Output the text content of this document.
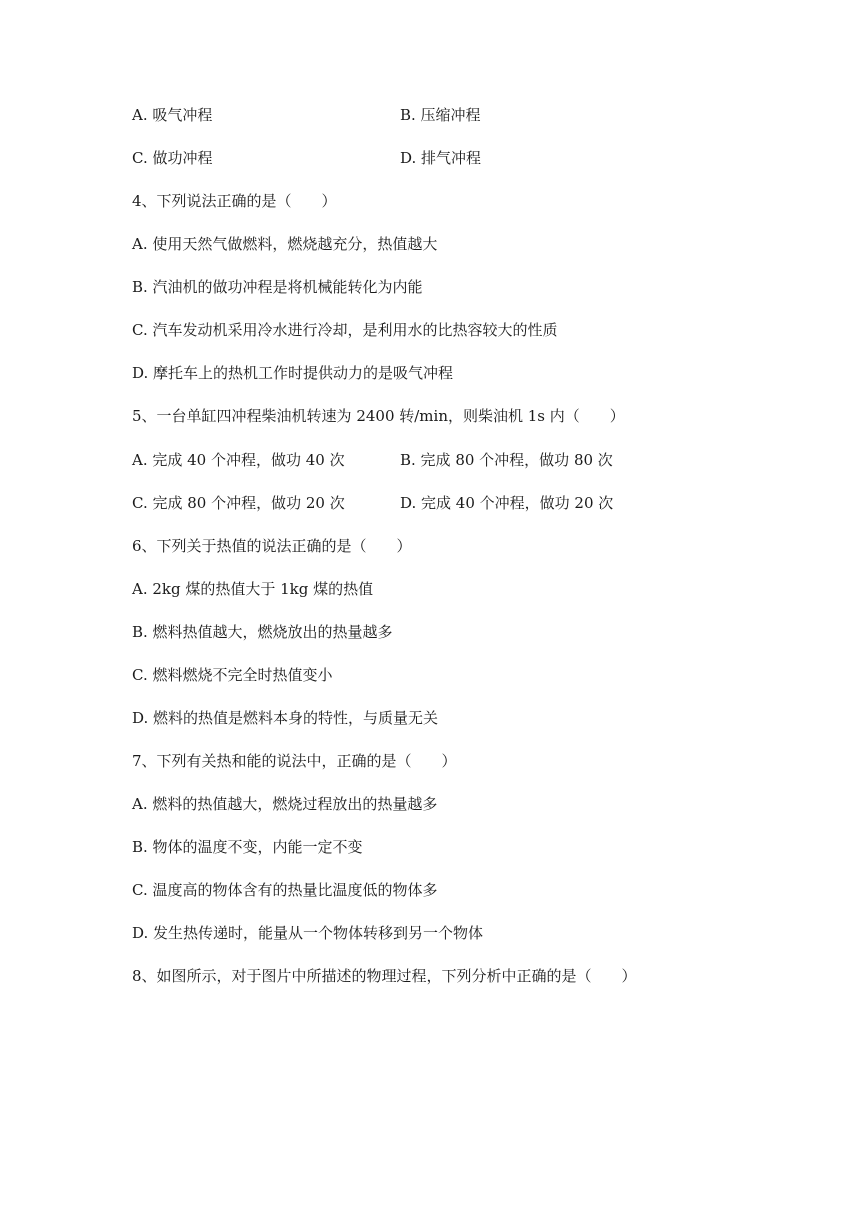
A. 吸气冲程	B. 压缩冲程
C. 做功冲程	D. 排气冲程
4、下列说法正确的是（　　）
A. 使用天然气做燃料，燃烧越充分，热值越大
B. 汽油机的做功冲程是将机械能转化为内能
C. 汽车发动机采用冷水进行冷却，是利用水的比热容较大的性质
D. 摩托车上的热机工作时提供动力的是吸气冲程
5、一台单缸四冲程柴油机转速为 2400 转/min，则柴油机 1s 内（　　）
A. 完成 40 个冲程，做功 40 次	B. 完成 80 个冲程，做功 80 次
C. 完成 80 个冲程，做功 20 次	D. 完成 40 个冲程，做功 20 次
6、下列关于热值的说法正确的是（　　）
A. 2kg 煤的热值大于 1kg 煤的热值
B. 燃料热值越大，燃烧放出的热量越多
C. 燃料燃烧不完全时热值变小
D. 燃料的热值是燃料本身的特性，与质量无关
7、下列有关热和能的说法中，正确的是（　　）
A. 燃料的热值越大，燃烧过程放出的热量越多
B. 物体的温度不变，内能一定不变
C. 温度高的物体含有的热量比温度低的物体多
D. 发生热传递时，能量从一个物体转移到另一个物体
8、如图所示，对于图片中所描述的物理过程，下列分析中正确的是（　　）
